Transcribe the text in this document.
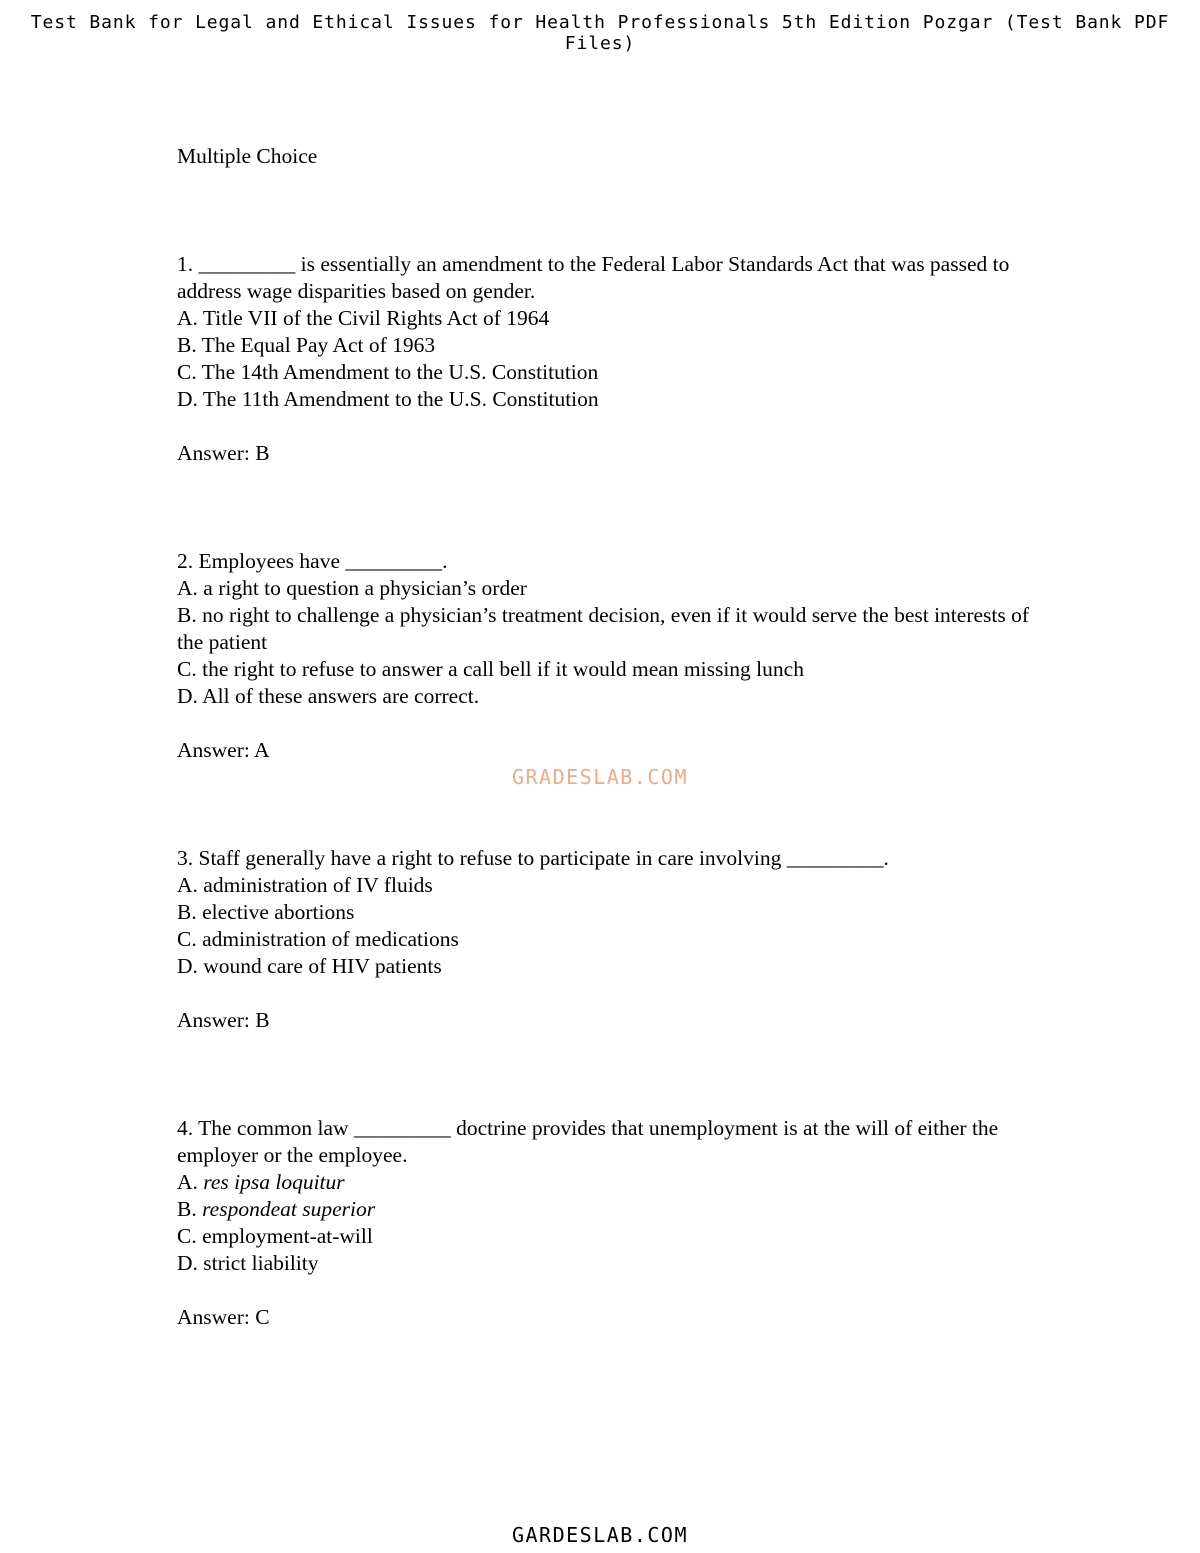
Test Bank for Legal and Ethical Issues for Health Professionals 5th Edition Pozgar (Test Bank PDF Files)
Multiple Choice

1. _________ is essentially an amendment to the Federal Labor Standards Act that was passed to address wage disparities based on gender.

A. Title VII of the Civil Rights Act of 1964

B. The Equal Pay Act of 1963

C. The 14th Amendment to the U.S. Constitution

D. The 11th Amendment to the U.S. Constitution

Answer: B

2. Employees have _________.

A. a right to question a physician’s order

B. no right to challenge a physician’s treatment decision, even if it would serve the best interests of the patient

C. the right to refuse to answer a call bell if it would mean missing lunch

D. All of these answers are correct.

Answer: A

3. Staff generally have a right to refuse to participate in care involving _________.

A. administration of IV fluids

B. elective abortions

C. administration of medications

D. wound care of HIV patients

Answer: B

4. The common law _________ doctrine provides that unemployment is at the will of either the employer or the employee.

A. res ipsa loquitur

B. respondeat superior

C. employment-at-will

D. strict liability

Answer: C

GRADESLAB.COM
GARDESLAB.COM
